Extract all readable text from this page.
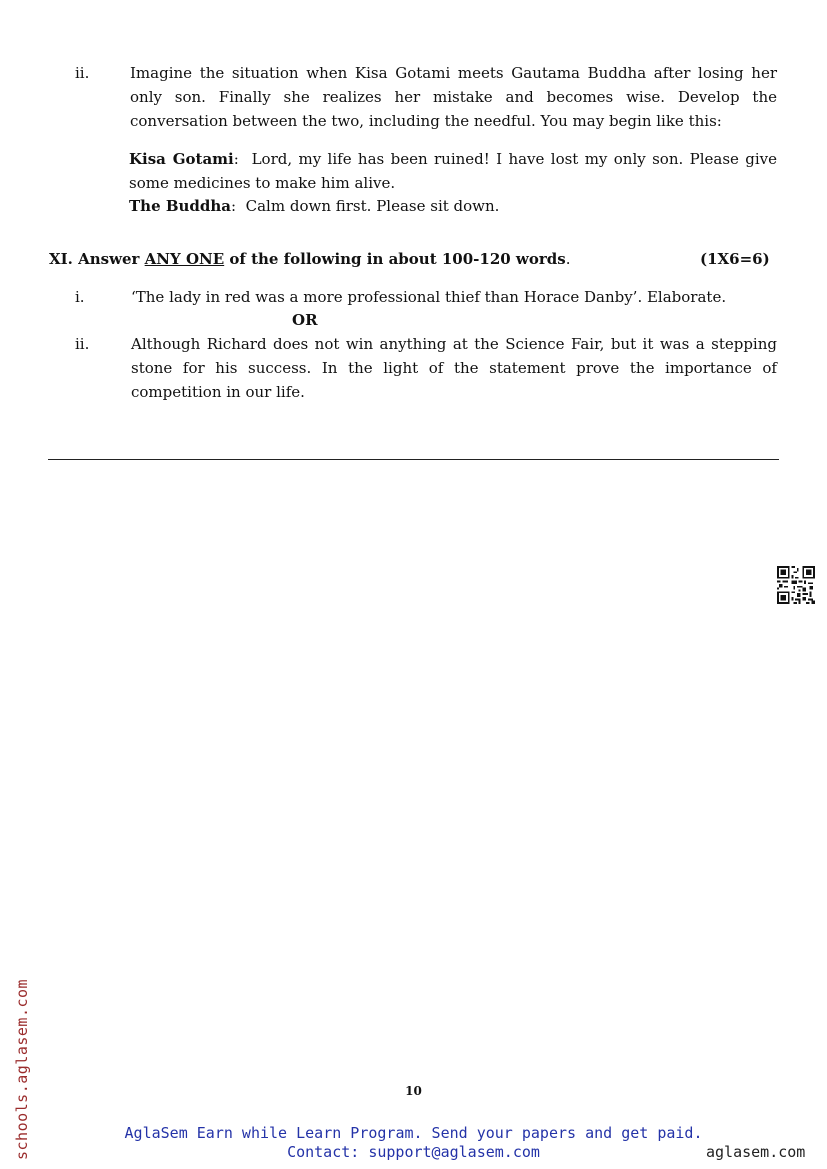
ii.	Imagine the situation when Kisa Gotami meets Gautama Buddha after losing her only son. Finally she realizes her mistake and becomes wise. Develop the conversation between the two, including the needful. You may begin like this:
Kisa Gotami: Lord, my life has been ruined! I have lost my only son. Please give some medicines to make him alive.
The Buddha: Calm down first. Please sit down.
XI. Answer ANY ONE of the following in about 100-120 words.	(1X6=6)
i.	‘The lady in red was a more professional thief than Horace Danby’. Elaborate.
OR
ii.	Although Richard does not win anything at the Science Fair, but it was a stepping stone for his success. In the light of the statement prove the importance of competition in our life.
10
AglaSem Earn while Learn Program. Send your papers and get paid.
Contact: support@aglasem.com	aglasem.com
schools.aglasem.com
